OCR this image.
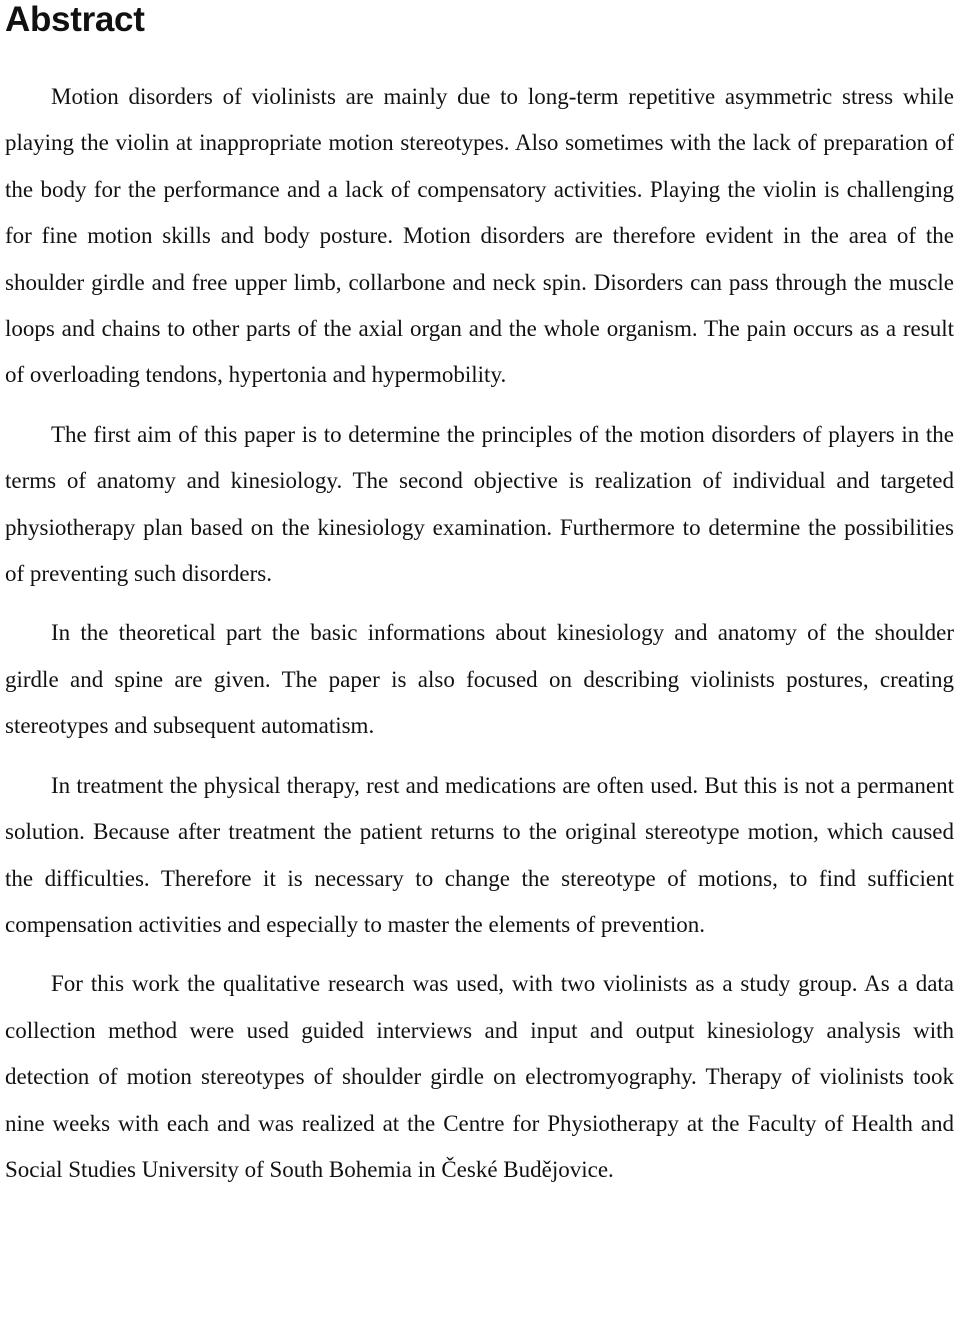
Abstract

Motion disorders of violinists are mainly due to long-term repetitive asymmetric stress while playing the violin at inappropriate motion stereotypes. Also sometimes with the lack of preparation of the body for the performance and a lack of compensatory activities. Playing the violin is challenging for fine motion skills and body posture. Motion disorders are therefore evident in the area of the shoulder girdle and free upper limb, collarbone and neck spin. Disorders can pass through the muscle loops and chains to other parts of the axial organ and the whole organism. The pain occurs as a result of overloading tendons, hypertonia and hypermobility.

The first aim of this paper is to determine the principles of the motion disorders of players in the terms of anatomy and kinesiology. The second objective is realization of individual and targeted physiotherapy plan based on the kinesiology examination. Furthermore to determine the possibilities of preventing such disorders.

In the theoretical part the basic informations about kinesiology and anatomy of the shoulder girdle and spine are given. The paper is also focused on describing violinists postures, creating stereotypes and subsequent automatism.

In treatment the physical therapy, rest and medications are often used. But this is not a permanent solution. Because after treatment the patient returns to the original stereotype motion, which caused the difficulties. Therefore it is necessary to change the stereotype of motions, to find sufficient compensation activities and especially to master the elements of prevention.

For this work the qualitative research was used, with two violinists as a study group. As a data collection method were used guided interviews and input and output kinesiology analysis with detection of motion stereotypes of shoulder girdle on electromyography. Therapy of violinists took nine weeks with each and was realized at the Centre for Physiotherapy at the Faculty of Health and Social Studies University of South Bohemia in České Budějovice.
